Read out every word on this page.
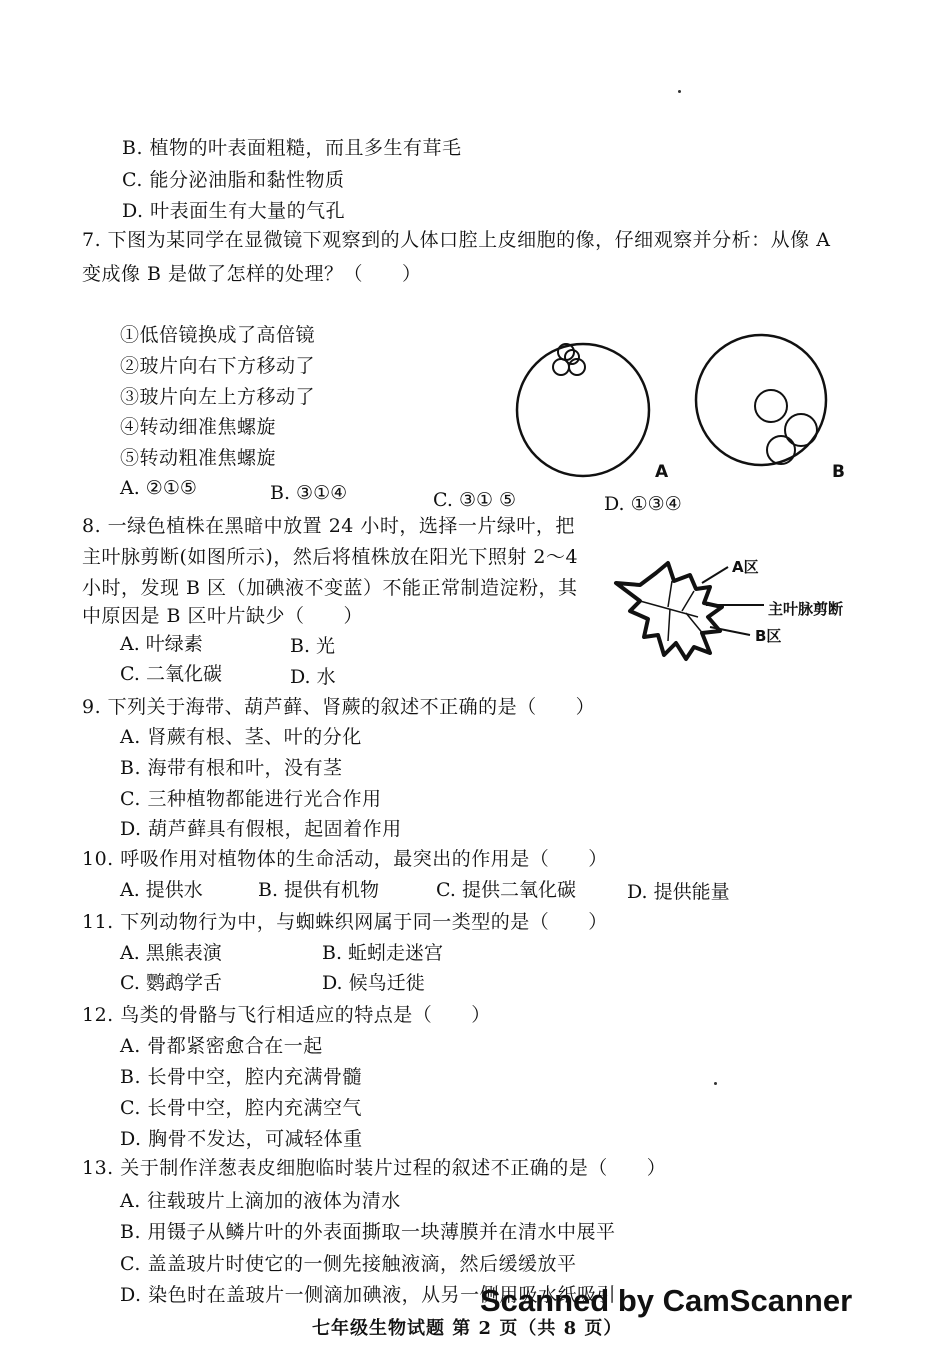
B. 植物的叶表面粗糙，而且多生有茸毛
C. 能分泌油脂和黏性物质
D. 叶表面生有大量的气孔
7. 下图为某同学在显微镜下观察到的人体口腔上皮细胞的像，仔细观察并分析：从像 A
变成像 B 是做了怎样的处理？（　　）
①低倍镜换成了高倍镜
②玻片向右下方移动了
③玻片向左上方移动了
④转动细准焦螺旋
⑤转动粗准焦螺旋
A. ②①⑤	B. ③①④	C. ③① ⑤	D. ①③④
A	B
8. 一绿色植株在黑暗中放置 24 小时，选择一片绿叶，把
主叶脉剪断(如图所示)，然后将植株放在阳光下照射 2～4
小时，发现 B 区（加碘液不变蓝）不能正常制造淀粉，其
中原因是 B 区叶片缺少（　　）
A. 叶绿素	B. 光
C. 二氧化碳	D. 水
A区
主叶脉剪断
B区
9. 下列关于海带、葫芦藓、肾蕨的叙述不正确的是（　　）
A. 肾蕨有根、茎、叶的分化
B. 海带有根和叶，没有茎
C. 三种植物都能进行光合作用
D. 葫芦藓具有假根，起固着作用
10. 呼吸作用对植物体的生命活动，最突出的作用是（　　）
A. 提供水	B. 提供有机物	C. 提供二氧化碳	D. 提供能量
11. 下列动物行为中，与蜘蛛织网属于同一类型的是（　　）
A. 黑熊表演	B. 蚯蚓走迷宫
C. 鹦鹉学舌	D. 候鸟迁徙
12. 鸟类的骨骼与飞行相适应的特点是（　　）
A. 骨都紧密愈合在一起
B. 长骨中空，腔内充满骨髓
C. 长骨中空，腔内充满空气
D. 胸骨不发达，可减轻体重
13. 关于制作洋葱表皮细胞临时装片过程的叙述不正确的是（　　）
A. 往载玻片上滴加的液体为清水
B. 用镊子从鳞片叶的外表面撕取一块薄膜并在清水中展平
C. 盖盖玻片时使它的一侧先接触液滴，然后缓缓放平
D. 染色时在盖玻片一侧滴加碘液，从另一侧用吸水纸吸引
七年级生物试题 第 2 页（共 8 页）
Scanned by CamScanner
